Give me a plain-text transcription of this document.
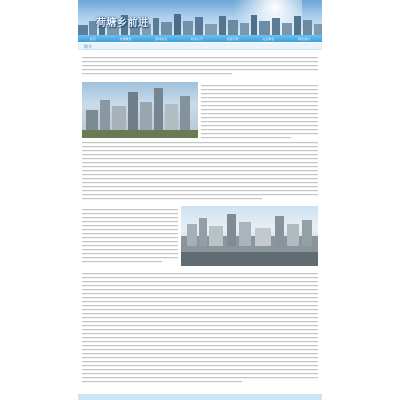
荷塘乡前进
首页	乡情概况	新闻动态	政务公开	招商引资	社会事业	联系我们
简介
